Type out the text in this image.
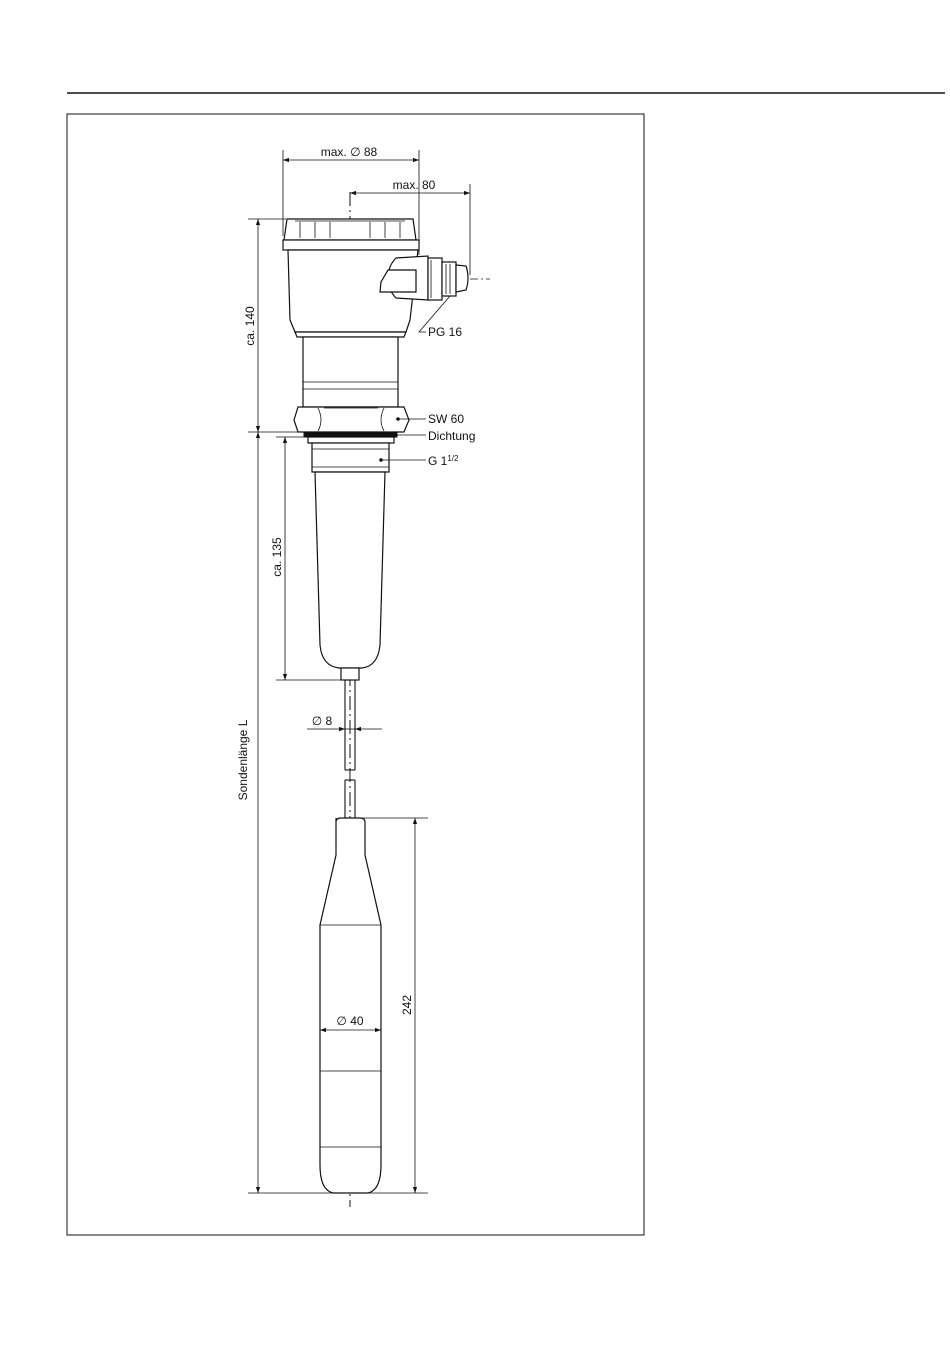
max. ∅ 88
max. 80
ca. 140
ca. 135
Sondenlänge L	∅ 8
∅ 40
242
PG 16
SW 60
Dichtung
G $1^{1/2}$
